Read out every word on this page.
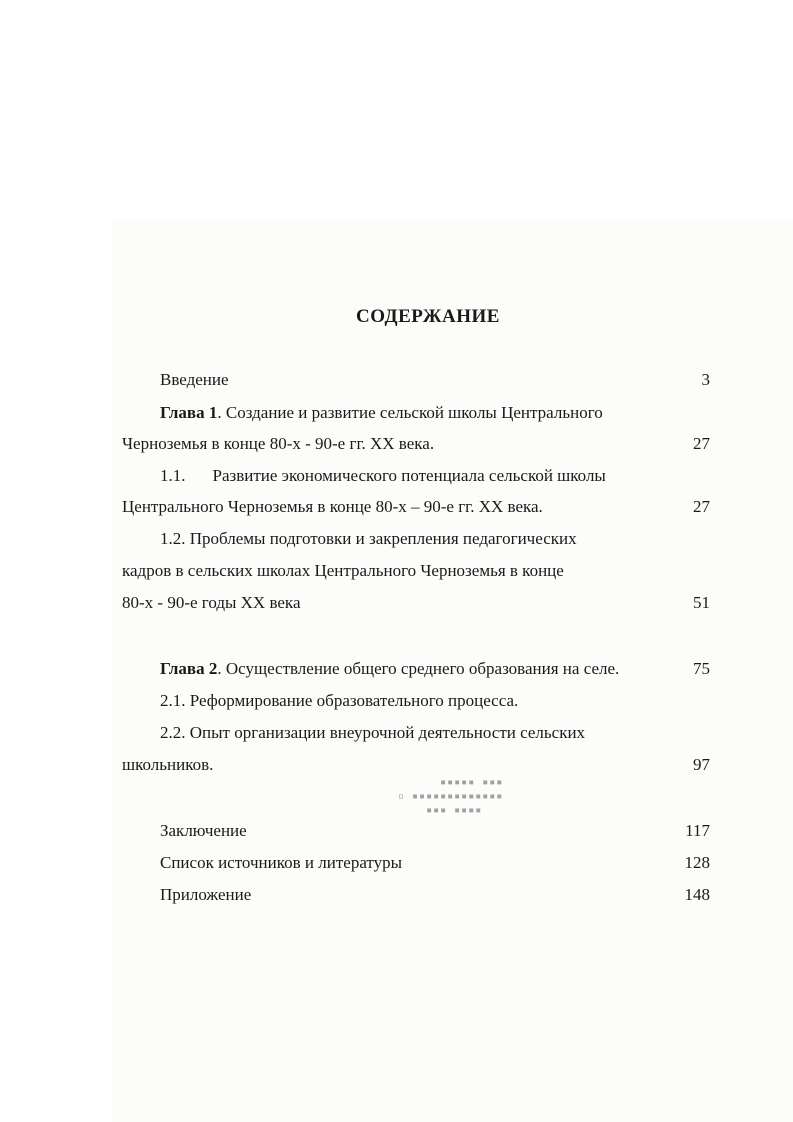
СОДЕРЖАНИЕ
Введение	3
Глава 1. Создание и развитие сельской школы Центрального
Черноземья в конце 80-х - 90-е гг. ХХ века.	27
1.1. Развитие экономического потенциала сельской школы
Центрального Черноземья в конце 80-х – 90-е гг. ХХ века.	27
1.2. Проблемы подготовки и закрепления педагогических
кадров в сельских школах Центрального Черноземья в конце
80-х - 90-е годы ХХ века	51
Глава 2. Осуществление общего среднего образования на селе.	75
2.1. Реформирование образовательного процесса.
2.2. Опыт организации внеурочной деятельности сельских
школьников.	97
▪▪▪▪▪ ▪▪▪
▫ ▪▪▪▪▪▪▪▪▪▪▪▪▪
▪▪▪ ▪▪▪▪
Заключение	117
Список источников и литературы	128
Приложение	148
